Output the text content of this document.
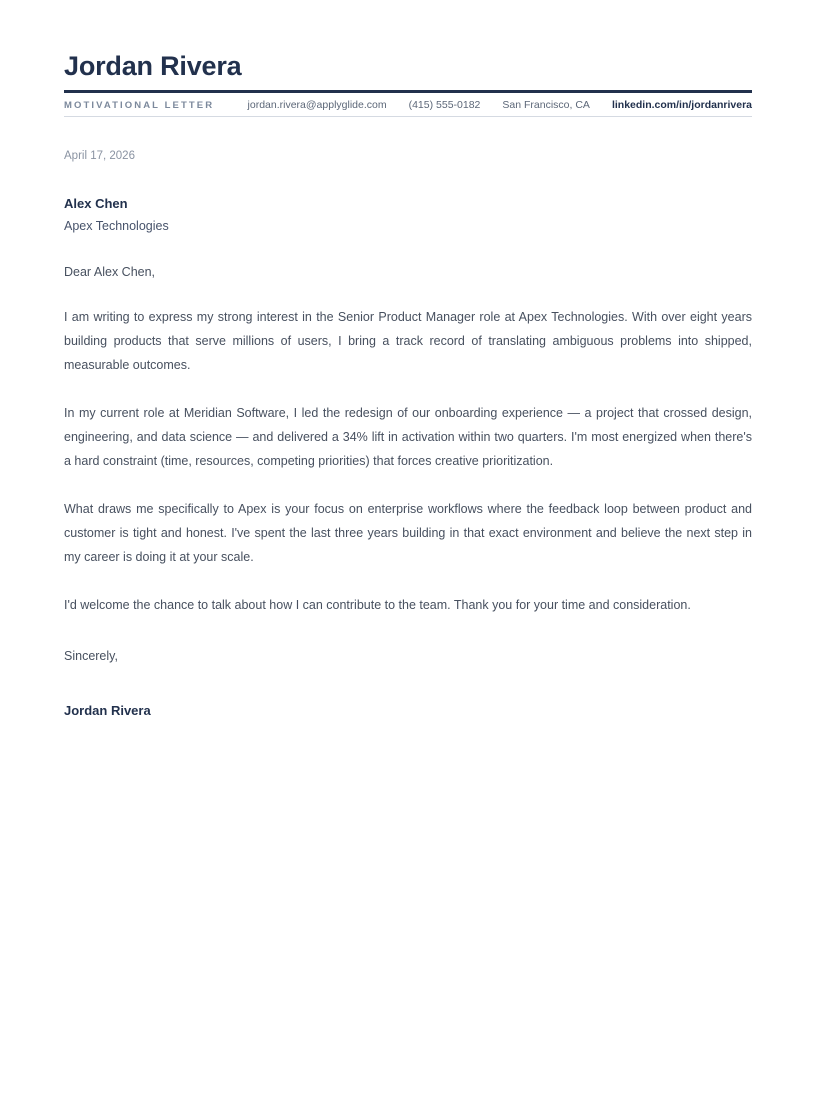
Jordan Rivera
MOTIVATIONAL LETTER	jordan.rivera@applyglide.com (415) 555-0182 San Francisco, CA linkedin.com/in/jordanrivera
April 17, 2026
Alex Chen
Apex Technologies
Dear Alex Chen,

I am writing to express my strong interest in the Senior Product Manager role at Apex Technologies. With over eight years building products that serve millions of users, I bring a track record of translating ambiguous problems into shipped, measurable outcomes.

In my current role at Meridian Software, I led the redesign of our onboarding experience — a project that crossed design, engineering, and data science — and delivered a 34% lift in activation within two quarters. I'm most energized when there's a hard constraint (time, resources, competing priorities) that forces creative prioritization.

What draws me specifically to Apex is your focus on enterprise workflows where the feedback loop between product and customer is tight and honest. I've spent the last three years building in that exact environment and believe the next step in my career is doing it at your scale.

I'd welcome the chance to talk about how I can contribute to the team. Thank you for your time and consideration.

Sincerely,
Jordan Rivera
